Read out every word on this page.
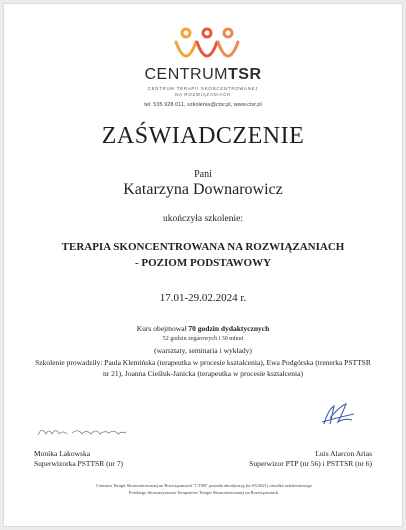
CENTRUMTSR
CENTRUM TERAPII SKONCENTROWANEJ
NA ROZWIĄZANIACH
tel. 535 928 011, szkolenia@ctsr.pl, www.ctsr.pl
ZAŚWIADCZENIE
Pani
Katarzyna Downarowicz
ukończyła szkolenie:
TERAPIA SKONCENTROWANA NA ROZWIĄZANIACH
- POZIOM PODSTAWOWY
17.01-29.02.2024 r.
Kurs obejmował 70 godzin dydaktycznych
52 godzin zegarowych i 30 minut
(warsztaty, seminaria i wykłady)
Szkolenie prowadziły: Paula Klemińska (terapeutka w procesie kształcenia), Ewa Podgórska (trenerka PSTTSR nr 21), Joanna Cieśluk-Janicka (terapeutka w procesie kształcenia)
Monika Lakowska
Superwizorka PSTTSR (nr 7)
Luis Alarcon Arias
Superwizor PTP (nr 56) i PSTTSR (nr 6)
Centrum Terapii Skoncentrowanej na Rozwiązaniach "CTSR" posiada akredytację (nr 05/2021) ośrodka szkoleniowego
Polskiego Stowarzyszenia Terapeutów Terapii Skoncentrowanej na Rozwiązaniach.
